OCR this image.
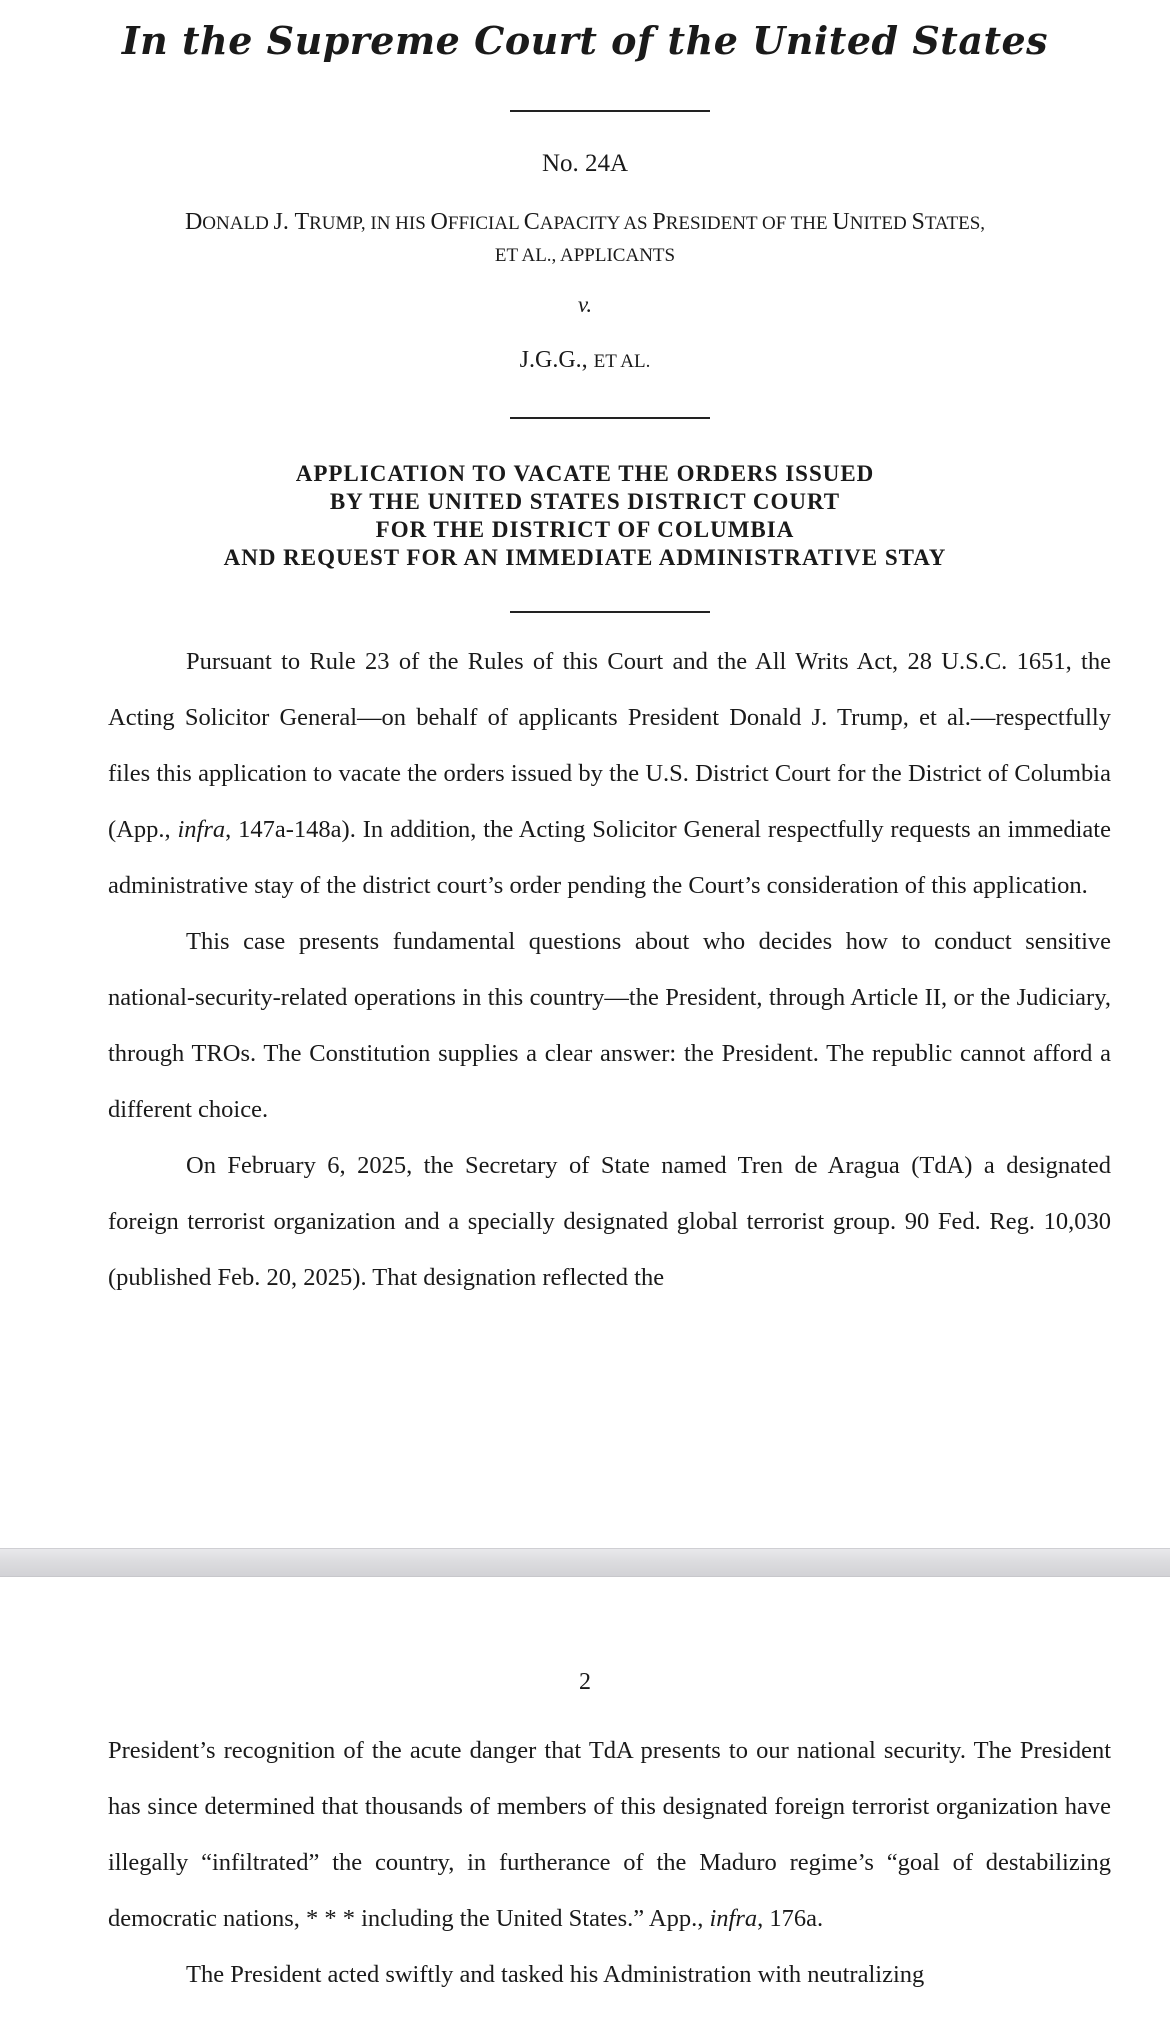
In the Supreme Court of the United States
No. 24A
DONALD J. TRUMP, IN HIS OFFICIAL CAPACITY AS PRESIDENT OF THE UNITED STATES,
ET AL., APPLICANTS
v.
J.G.G., ET AL.
APPLICATION TO VACATE THE ORDERS ISSUED
BY THE UNITED STATES DISTRICT COURT
FOR THE DISTRICT OF COLUMBIA
AND REQUEST FOR AN IMMEDIATE ADMINISTRATIVE STAY

Pursuant to Rule 23 of the Rules of this Court and the All Writs Act, 28 U.S.C. 1651, the Acting Solicitor General—on behalf of applicants President Donald J. Trump, et al.—respectfully files this application to vacate the orders issued by the U.S. District Court for the District of Columbia (App., infra, 147a-148a). In addition, the Acting Solicitor General respectfully requests an immediate administrative stay of the district court’s order pending the Court’s consideration of this application.

This case presents fundamental questions about who decides how to conduct sensitive national-security-related operations in this country—the President, through Article II, or the Judiciary, through TROs. The Constitution supplies a clear answer: the President. The republic cannot afford a different choice.

On February 6, 2025, the Secretary of State named Tren de Aragua (TdA) a designated foreign terrorist organization and a specially designated global terrorist group. 90 Fed. Reg. 10,030 (published Feb. 20, 2025). That designation reflected the

2

President’s recognition of the acute danger that TdA presents to our national security. The President has since determined that thousands of members of this designated foreign terrorist organization have illegally “infiltrated” the country, in furtherance of the Maduro regime’s “goal of destabilizing democratic nations, * * * including the United States.” App., infra, 176a.

The President acted swiftly and tasked his Administration with neutralizing
